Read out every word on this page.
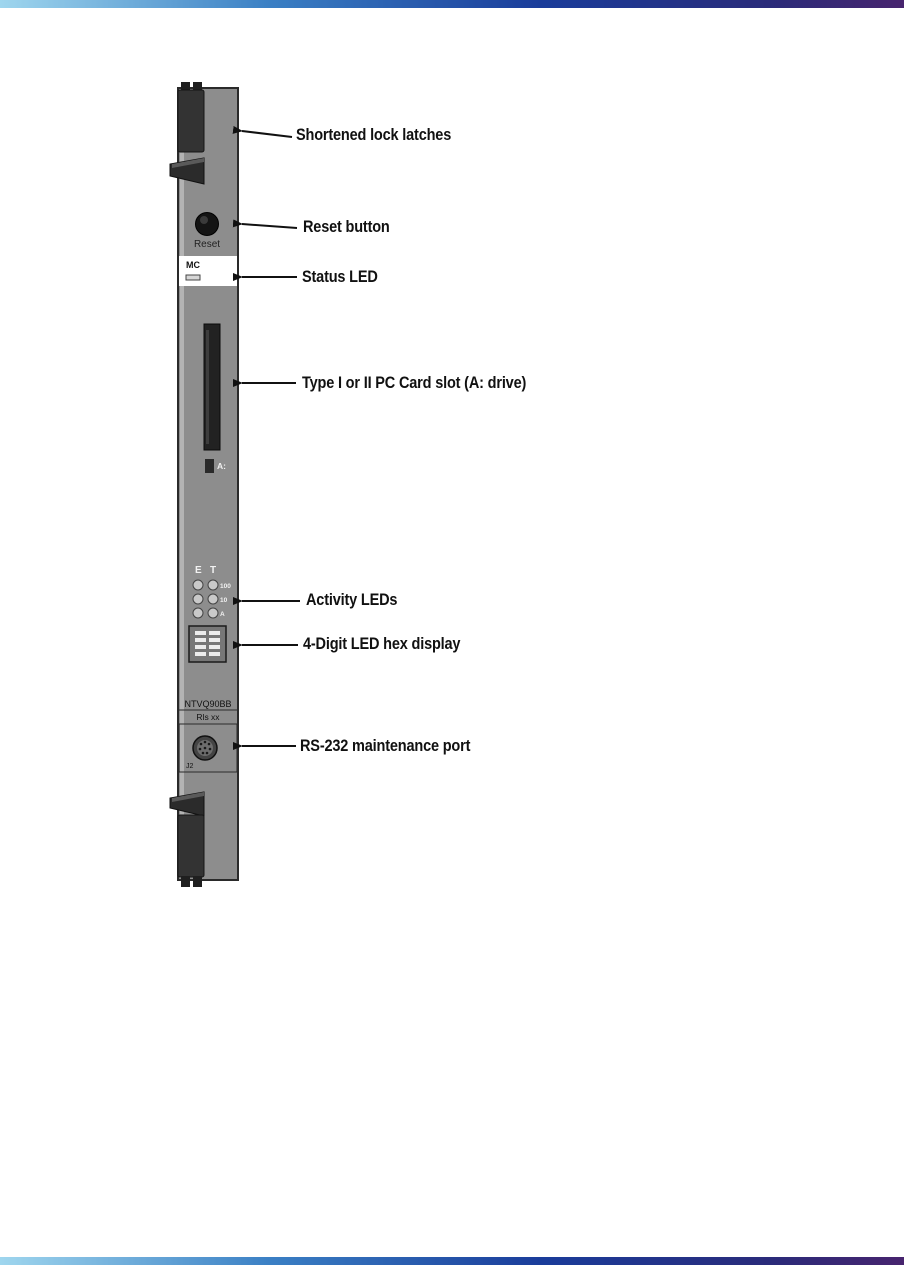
Reset
MC
A:
E T
100
10
A
NTVQ90BB
Rls xx
J2

Shortened lock latches

Reset button

Status LED

Type I or II PC Card slot (A: drive)

Activity LEDs

4-Digit LED hex display

RS-232 maintenance port
